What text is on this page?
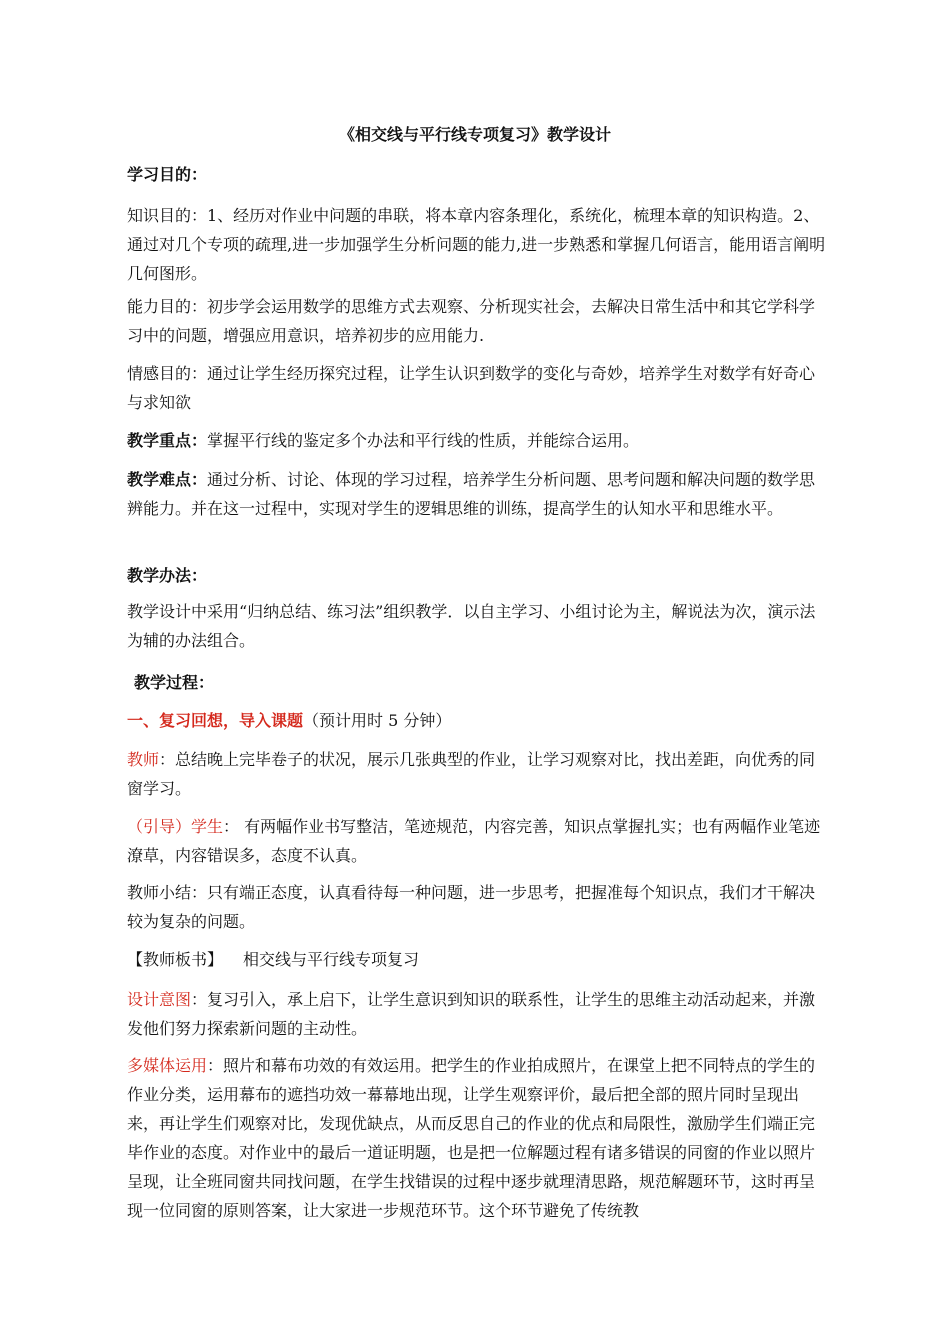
《相交线与平行线专项复习》教学设计
学习目的：
知识目的：1、经历对作业中问题的串联，将本章内容条理化，系统化，梳理本章的知识构造。2、通过对几个专项的疏理,进一步加强学生分析问题的能力,进一步熟悉和掌握几何语言，能用语言阐明几何图形。
能力目的：初步学会运用数学的思维方式去观察、分析现实社会，去解决日常生活中和其它学科学习中的问题，增强应用意识，培养初步的应用能力.
情感目的：通过让学生经历探究过程，让学生认识到数学的变化与奇妙，培养学生对数学有好奇心与求知欲
教学重点：掌握平行线的鉴定多个办法和平行线的性质，并能综合运用。
教学难点：通过分析、讨论、体现的学习过程，培养学生分析问题、思考问题和解决问题的数学思辨能力。并在这一过程中，实现对学生的逻辑思维的训练，提高学生的认知水平和思维水平。
教学办法：
教学设计中采用“归纳总结、练习法”组织教学．以自主学习、小组讨论为主，解说法为次，演示法为辅的办法组合。
教学过程：
一、复习回想，导入课题（预计用时 5 分钟）
教师：总结晚上完毕卷子的状况，展示几张典型的作业，让学习观察对比，找出差距，向优秀的同窗学习。
（引导）学生： 有两幅作业书写整洁，笔迹规范，内容完善，知识点掌握扎实；也有两幅作业笔迹潦草，内容错误多，态度不认真。
教师小结：只有端正态度，认真看待每一种问题，进一步思考，把握准每个知识点，我们才干解决较为复杂的问题。
【教师板书】 相交线与平行线专项复习
设计意图：复习引入，承上启下，让学生意识到知识的联系性，让学生的思维主动活动起来，并激发他们努力探索新问题的主动性。
多媒体运用：照片和幕布功效的有效运用。把学生的作业拍成照片，在课堂上把不同特点的学生的作业分类，运用幕布的遮挡功效一幕幕地出现，让学生观察评价，最后把全部的照片同时呈现出来，再让学生们观察对比，发现优缺点，从而反思自己的作业的优点和局限性，激励学生们端正完毕作业的态度。对作业中的最后一道证明题，也是把一位解题过程有诸多错误的同窗的作业以照片呈现，让全班同窗共同找问题，在学生找错误的过程中逐步就理清思路，规范解题环节，这时再呈现一位同窗的原则答案，让大家进一步规范环节。这个环节避免了传统教
